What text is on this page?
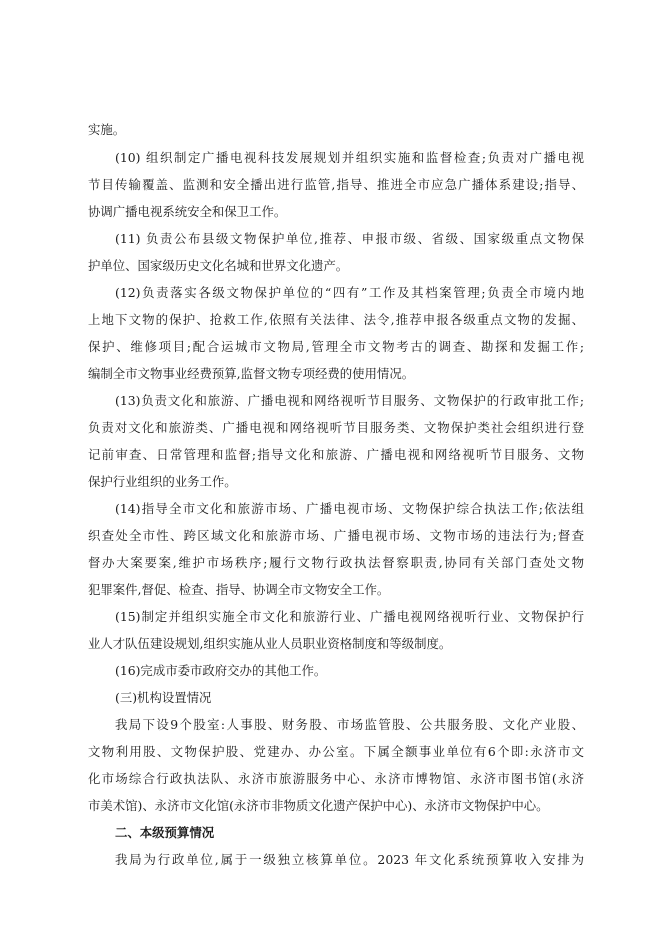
实施。
(10) 组织制定广播电视科技发展规划并组织实施和监督检查;负责对广播电视
节目传输覆盖、监测和安全播出进行监管,指导、推进全市应急广播体系建设;指导、
协调广播电视系统安全和保卫工作。
(11) 负责公布县级文物保护单位,推荐、申报市级、省级、国家级重点文物保
护单位、国家级历史文化名城和世界文化遗产。
(12)负责落实各级文物保护单位的“四有”工作及其档案管理;负责全市境内地
上地下文物的保护、抢救工作,依照有关法律、法令,推荐申报各级重点文物的发掘、
保护、维修项目;配合运城市文物局,管理全市文物考古的调查、勘探和发掘工作;
编制全市文物事业经费预算,监督文物专项经费的使用情况。
(13)负责文化和旅游、广播电视和网络视听节目服务、文物保护的行政审批工作;
负责对文化和旅游类、广播电视和网络视听节目服务类、文物保护类社会组织进行登
记前审查、日常管理和监督;指导文化和旅游、广播电视和网络视听节目服务、文物
保护行业组织的业务工作。
(14)指导全市文化和旅游市场、广播电视市场、文物保护综合执法工作;依法组
织查处全市性、跨区域文化和旅游市场、广播电视市场、文物市场的违法行为;督查
督办大案要案,维护市场秩序;履行文物行政执法督察职责,协同有关部门查处文物
犯罪案件,督促、检查、指导、协调全市文物安全工作。
(15)制定并组织实施全市文化和旅游行业、广播电视网络视听行业、文物保护行
业人才队伍建设规划,组织实施从业人员职业资格制度和等级制度。
(16)完成市委市政府交办的其他工作。
(三)机构设置情况
我局下设9个股室:人事股、财务股、市场监管股、公共服务股、文化产业股、
文物利用股、文物保护股、党建办、办公室。下属全额事业单位有6个即:永济市文
化市场综合行政执法队、永济市旅游服务中心、永济市博物馆、永济市图书馆(永济
市美术馆)、永济市文化馆(永济市非物质文化遗产保护中心)、永济市文物保护中心。
二、本级预算情况
我局为行政单位,属于一级独立核算单位。2023 年文化系统预算收入安排为
